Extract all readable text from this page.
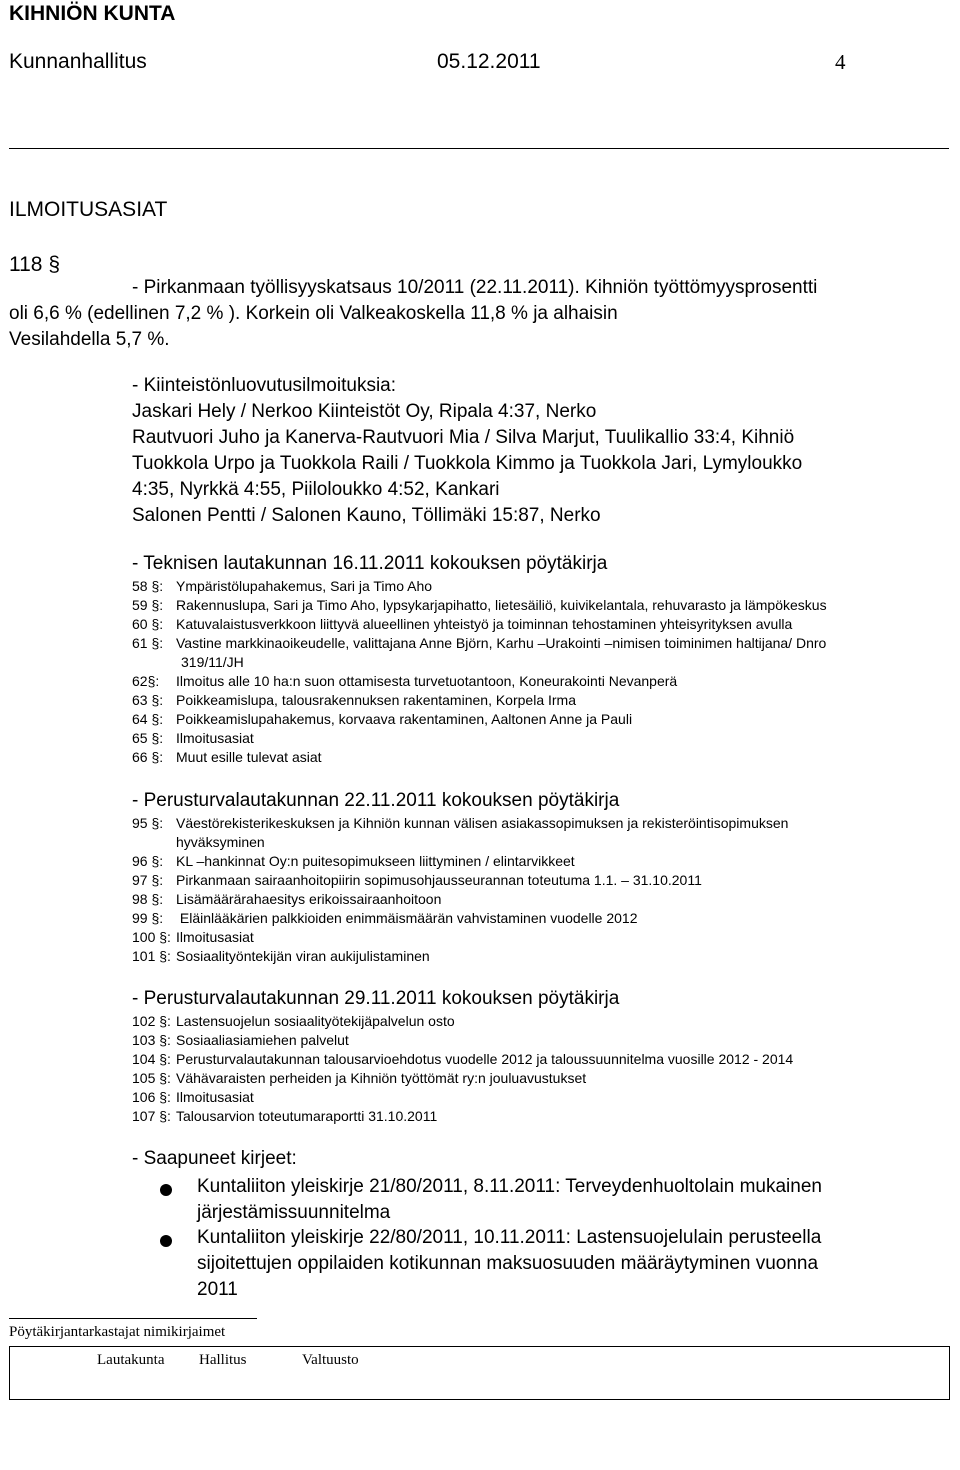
KIHNIÖN KUNTA
Kunnanhallitus	05.12.2011	4
ILMOITUSASIAT
118 §
- Pirkanmaan työllisyyskatsaus 10/2011 (22.11.2011). Kihniön työttömyysprosentti
oli 6,6 % (edellinen 7,2 % ). Korkein oli Valkeakoskella 11,8 % ja alhaisin
Vesilahdella 5,7 %.
- Kiinteistönluovutusilmoituksia:
Jaskari Hely / Nerkoo Kiinteistöt Oy, Ripala 4:37, Nerko
Rautvuori Juho ja Kanerva-Rautvuori Mia / Silva Marjut, Tuulikallio 33:4, Kihniö
Tuokkola Urpo ja Tuokkola Raili / Tuokkola Kimmo ja Tuokkola Jari, Lymyloukko
4:35, Nyrkkä 4:55, Piiloloukko 4:52, Kankari
Salonen Pentti / Salonen Kauno, Töllimäki 15:87, Nerko
- Teknisen lautakunnan 16.11.2011 kokouksen pöytäkirja
58 §: Ympäristölupahakemus, Sari ja Timo Aho
59 §: Rakennuslupa, Sari ja Timo Aho, lypsykarjapihatto, lietesäiliö, kuivikelantala, rehuvarasto ja lämpökeskus
60 §: Katuvalaistusverkkoon liittyvä alueellinen yhteistyö ja toiminnan tehostaminen yhteisyrityksen avulla
61 §: Vastine markkinaoikeudelle, valittajana Anne Björn, Karhu –Urakointi –nimisen toiminimen haltijana/ Dnro
319/11/JH
62§: Ilmoitus alle 10 ha:n suon ottamisesta turvetuotantoon, Koneurakointi Nevanperä
63 §: Poikkeamislupa, talousrakennuksen rakentaminen, Korpela Irma
64 §: Poikkeamislupahakemus, korvaava rakentaminen, Aaltonen Anne ja Pauli
65 §: Ilmoitusasiat
66 §: Muut esille tulevat asiat
- Perusturvalautakunnan 22.11.2011 kokouksen pöytäkirja
95 §: Väestörekisterikeskuksen ja Kihniön kunnan välisen asiakassopimuksen ja rekisteröintisopimuksen
hyväksyminen
96 §: KL –hankinnat Oy:n puitesopimukseen liittyminen / elintarvikkeet
97 §: Pirkanmaan sairaanhoitopiirin sopimusohjausseurannan toteutuma 1.1. – 31.10.2011
98 §: Lisämäärärahaesitys erikoissairaanhoitoon
99 §: Eläinlääkärien palkkioiden enimmäismäärän vahvistaminen vuodelle 2012
100 §: Ilmoitusasiat
101 §: Sosiaalityöntekijän viran aukijulistaminen
- Perusturvalautakunnan 29.11.2011 kokouksen pöytäkirja
102 §: Lastensuojelun sosiaalityötekijäpalvelun osto
103 §: Sosiaaliasiamiehen palvelut
104 §: Perusturvalautakunnan talousarvioehdotus vuodelle 2012 ja taloussuunnitelma vuosille 2012 - 2014
105 §: Vähävaraisten perheiden ja Kihniön työttömät ry:n jouluavustukset
106 §: Ilmoitusasiat
107 §: Talousarvion toteutumaraportti 31.10.2011
- Saapuneet kirjeet:
Kuntaliiton yleiskirje 21/80/2011, 8.11.2011: Terveydenhuoltolain mukainen
järjestämissuunnitelma
Kuntaliiton yleiskirje 22/80/2011, 10.11.2011: Lastensuojelulain perusteella
sijoitettujen oppilaiden kotikunnan maksuosuuden määräytyminen vuonna
2011
Pöytäkirjantarkastajat nimikirjaimet
Lautakunta Hallitus	Valtuusto
